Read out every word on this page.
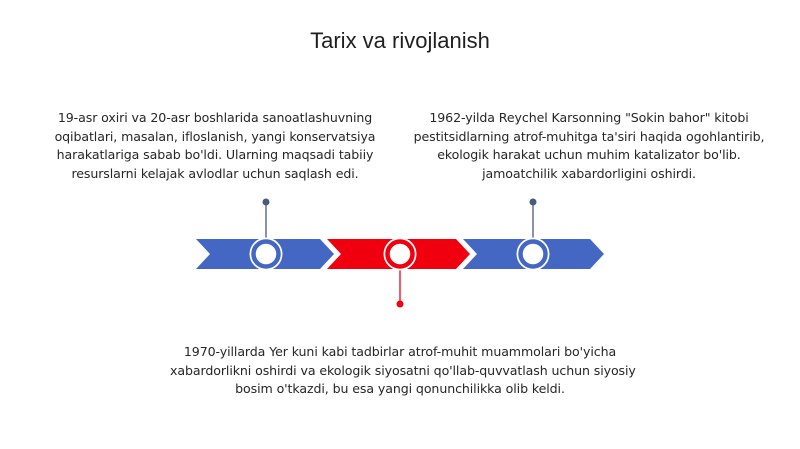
Tarix va rivojlanish
19-asr oxiri va 20-asr boshlarida sanoatlashuvning
oqibatlari, masalan, ifloslanish, yangi konservatsiya
harakatlariga sabab bo'ldi. Ularning maqsadi tabiiy
resurslarni kelajak avlodlar uchun saqlash edi.
1962-yilda Reychel Karsonning "Sokin bahor" kitobi
pestitsidlarning atrof-muhitga ta'siri haqida ogohlantirib,
ekologik harakat uchun muhim katalizator bo'lib.
jamoatchilik xabardorligini oshirdi.
1970-yillarda Yer kuni kabi tadbirlar atrof-muhit muammolari bo'yicha
xabardorlikni oshirdi va ekologik siyosatni qo'llab-quvvatlash uchun siyosiy
bosim o'tkazdi, bu esa yangi qonunchilikka olib keldi.
